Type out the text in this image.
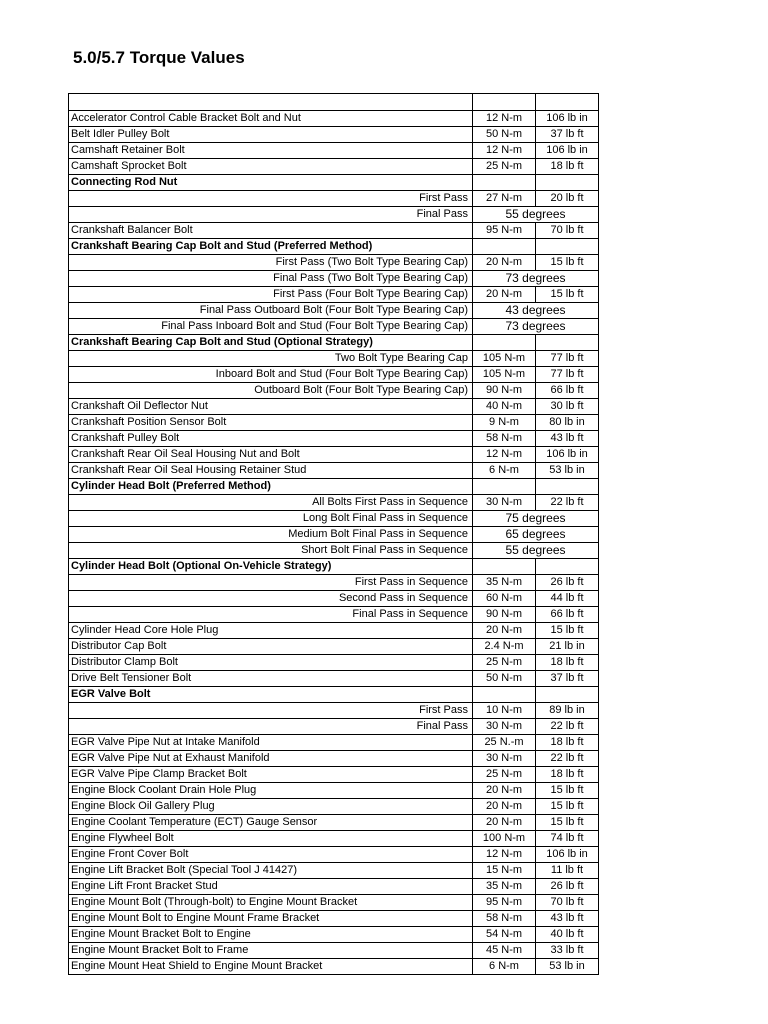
5.0/5.7 Torque Values
Accelerator Control Cable Bracket Bolt and Nut	12 N-m	106 lb in
Belt Idler Pulley Bolt	50 N-m	37 lb ft
Camshaft Retainer Bolt	12 N-m	106 lb in
Camshaft Sprocket Bolt	25 N-m	18 lb ft
Connecting Rod Nut
First Pass	27 N-m	20 lb ft
Final Pass	55 degrees
Crankshaft Balancer Bolt	95 N-m	70 lb ft
Crankshaft Bearing Cap Bolt and Stud (Preferred Method)
First Pass (Two Bolt Type Bearing Cap)	20 N-m	15 lb ft
Final Pass (Two Bolt Type Bearing Cap)	73 degrees
First Pass (Four Bolt Type Bearing Cap)	20 N-m	15 lb ft
Final Pass Outboard Bolt (Four Bolt Type Bearing Cap)	43 degrees
Final Pass Inboard Bolt and Stud (Four Bolt Type Bearing Cap)	73 degrees
Crankshaft Bearing Cap Bolt and Stud (Optional Strategy)
Two Bolt Type Bearing Cap	105 N-m	77 lb ft
Inboard Bolt and Stud (Four Bolt Type Bearing Cap)	105 N-m	77 lb ft
Outboard Bolt (Four Bolt Type Bearing Cap)	90 N-m	66 lb ft
Crankshaft Oil Deflector Nut	40 N-m	30 lb ft
Crankshaft Position Sensor Bolt	9 N-m	80 lb in
Crankshaft Pulley Bolt	58 N-m	43 lb ft
Crankshaft Rear Oil Seal Housing Nut and Bolt	12 N-m	106 lb in
Crankshaft Rear Oil Seal Housing Retainer Stud	6 N-m	53 lb in
Cylinder Head Bolt (Preferred Method)
All Bolts First Pass in Sequence	30 N-m	22 lb ft
Long Bolt Final Pass in Sequence	75 degrees
Medium Bolt Final Pass in Sequence	65 degrees
Short Bolt Final Pass in Sequence	55 degrees
Cylinder Head Bolt (Optional On-Vehicle Strategy)
First Pass in Sequence	35 N-m	26 lb ft
Second Pass in Sequence	60 N-m	44 lb ft
Final Pass in Sequence	90 N-m	66 lb ft
Cylinder Head Core Hole Plug	20 N-m	15 lb ft
Distributor Cap Bolt	2.4 N-m	21 lb in
Distributor Clamp Bolt	25 N-m	18 lb ft
Drive Belt Tensioner Bolt	50 N-m	37 lb ft
EGR Valve Bolt
First Pass	10 N-m	89 lb in
Final Pass	30 N-m	22 lb ft
EGR Valve Pipe Nut at Intake Manifold	25 N.-m	18 lb ft
EGR Valve Pipe Nut at Exhaust Manifold	30 N-m	22 lb ft
EGR Valve Pipe Clamp Bracket Bolt	25 N-m	18 lb ft
Engine Block Coolant Drain Hole Plug	20 N-m	15 lb ft
Engine Block Oil Gallery Plug	20 N-m	15 lb ft
Engine Coolant Temperature (ECT) Gauge Sensor	20 N-m	15 lb ft
Engine Flywheel Bolt	100 N-m	74 lb ft
Engine Front Cover Bolt	12 N-m	106 lb in
Engine Lift Bracket Bolt (Special Tool J 41427)	15 N-m	11 lb ft
Engine Lift Front Bracket Stud	35 N-m	26 lb ft
Engine Mount Bolt (Through-bolt) to Engine Mount Bracket	95 N-m	70 lb ft
Engine Mount Bolt to Engine Mount Frame Bracket	58 N-m	43 lb ft
Engine Mount Bracket Bolt to Engine	54 N-m	40 lb ft
Engine Mount Bracket Bolt to Frame	45 N-m	33 lb ft
Engine Mount Heat Shield to Engine Mount Bracket	6 N-m	53 lb in
